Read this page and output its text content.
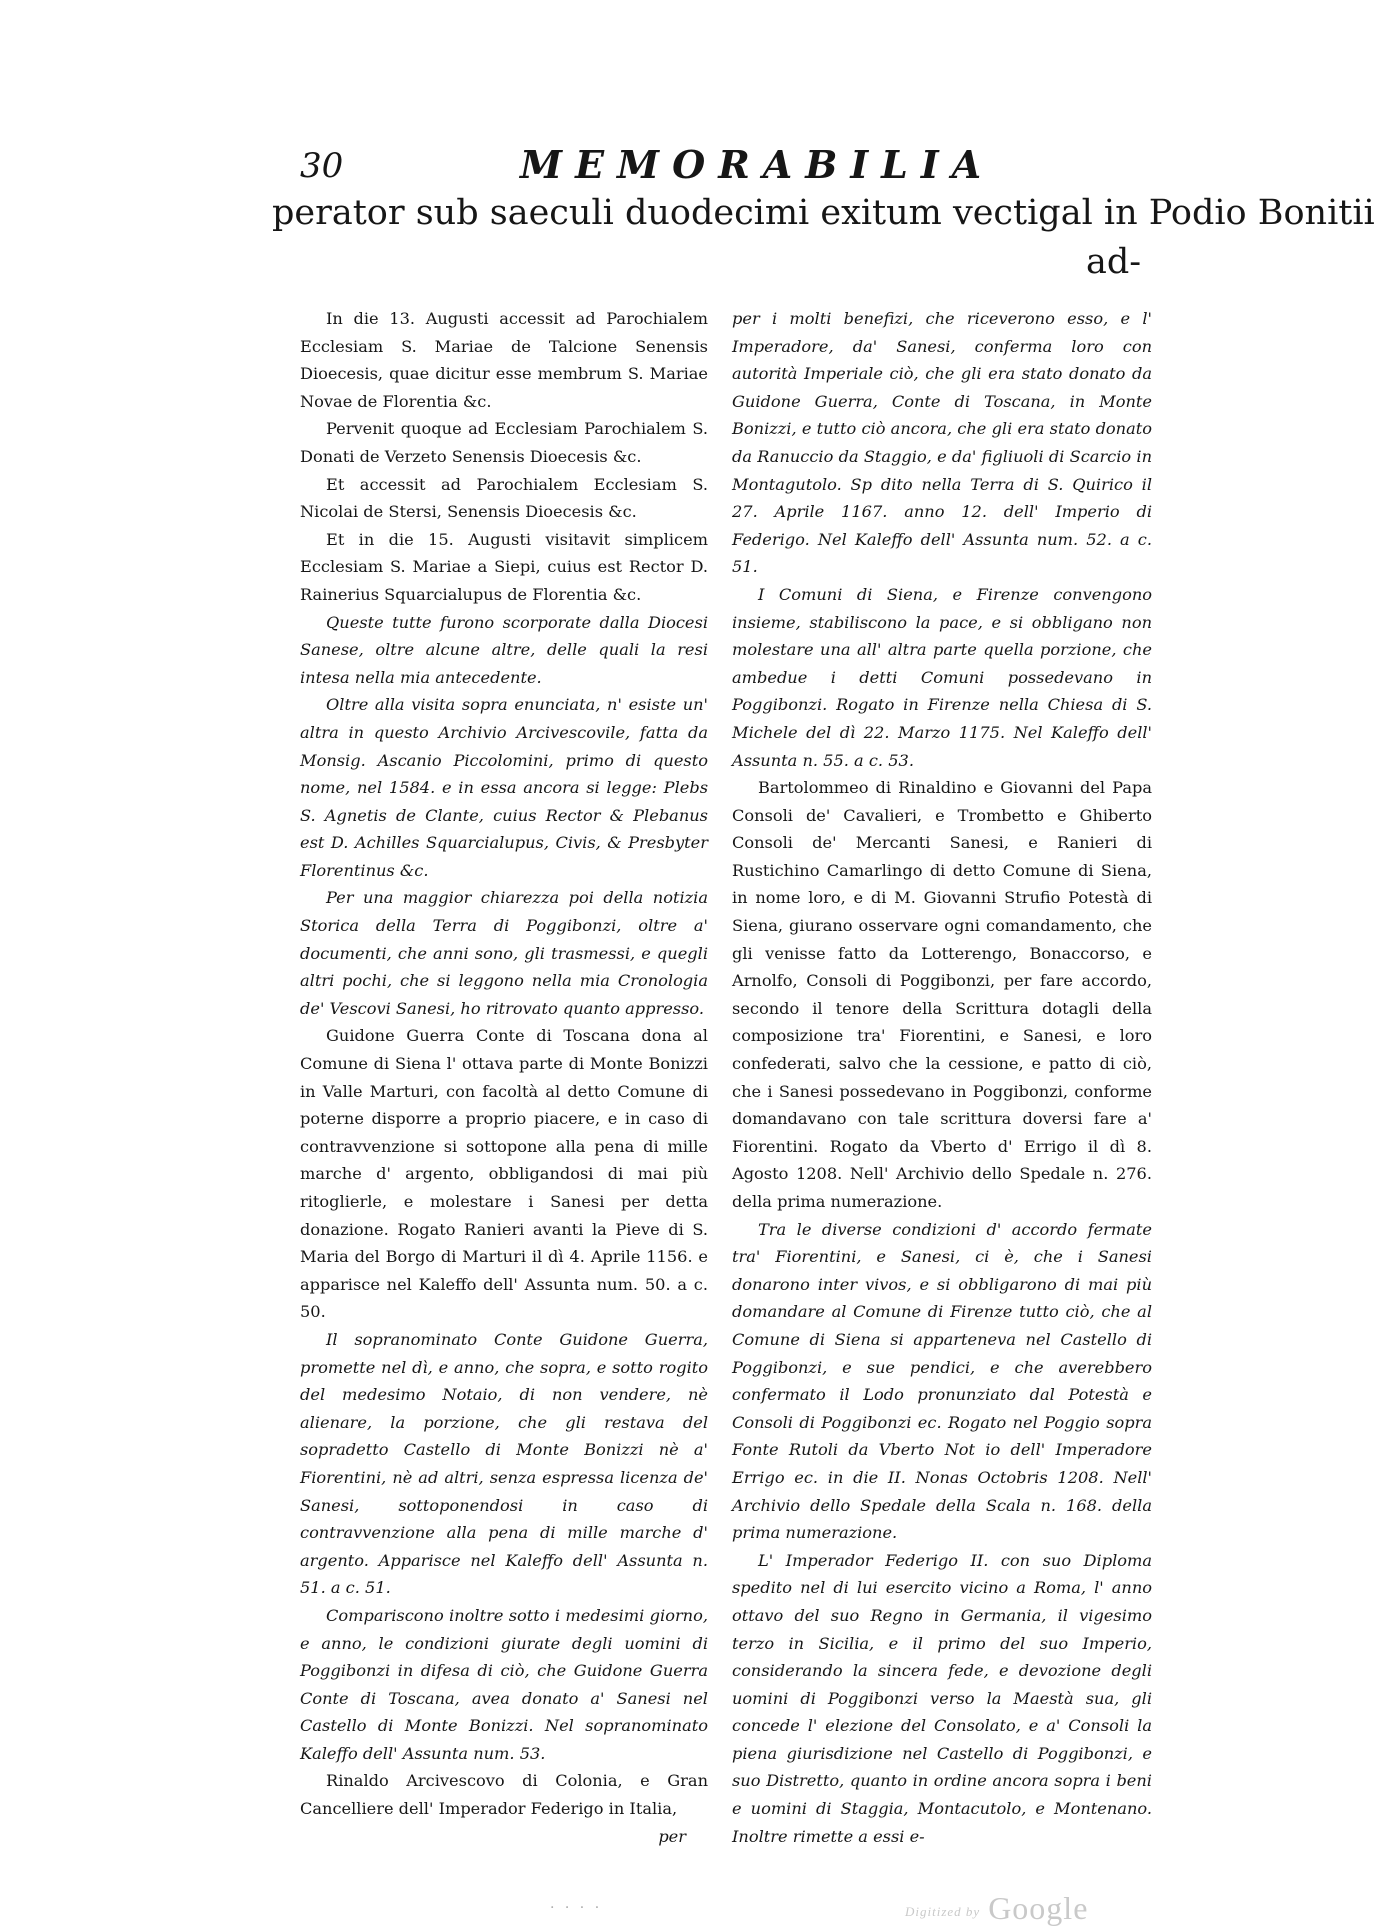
30	MEMORABILIA
perator sub saeculi duodecimi exitum vectigal in Podio Bonitii
ad-

In die 13. Augusti accessit ad Parochialem Ecclesiam S. Mariae de Talcione Senensis Dioecesis, quae dicitur esse membrum S. Mariae Novae de Florentia &c.

Pervenit quoque ad Ecclesiam Parochialem S. Donati de Verzeto Senensis Dioecesis &c.

Et accessit ad Parochialem Ecclesiam S. Nicolai de Stersi, Senensis Dioecesis &c.

Et in die 15. Augusti visitavit simplicem Ecclesiam S. Mariae a Siepi, cuius est Rector D. Rainerius Squarcialupus de Florentia &c.

Queste tutte furono scorporate dalla Diocesi Sanese, oltre alcune altre, delle quali la resi intesa nella mia antecedente.

Oltre alla visita sopra enunciata, n' esiste un' altra in questo Archivio Arcivescovile, fatta da Monsig. Ascanio Piccolomini, primo di questo nome, nel 1584. e in essa ancora si legge: Plebs S. Agnetis de Clante, cuius Rector & Plebanus est D. Achilles Squarcialupus, Civis, & Presbyter Florentinus &c.

Per una maggior chiarezza poi della notizia Storica della Terra di Poggibonzi, oltre a' documenti, che anni sono, gli trasmessi, e quegli altri pochi, che si leggono nella mia Cronologia de' Vescovi Sanesi, ho ritrovato quanto appresso.

Guidone Guerra Conte di Toscana dona al Comune di Siena l' ottava parte di Monte Bonizzi in Valle Marturi, con facoltà al detto Comune di poterne disporre a proprio piacere, e in caso di contravvenzione si sottopone alla pena di mille marche d' argento, obbligandosi di mai più ritoglierle, e molestare i Sanesi per detta donazione. Rogato Ranieri avanti la Pieve di S. Maria del Borgo di Marturi il dì 4. Aprile 1156. e apparisce nel Kaleffo dell' Assunta num. 50. a c. 50.

Il sopranominato Conte Guidone Guerra, promette nel dì, e anno, che sopra, e sotto rogito del medesimo Notaio, di non vendere, nè alienare, la porzione, che gli restava del sopradetto Castello di Monte Bonizzi nè a' Fiorentini, nè ad altri, senza espressa licenza de' Sanesi, sottoponendosi in caso di contravvenzione alla pena di mille marche d' argento. Apparisce nel Kaleffo dell' Assunta n. 51. a c. 51.

Compariscono inoltre sotto i medesimi giorno, e anno, le condizioni giurate degli uomini di Poggibonzi in difesa di ciò, che Guidone Guerra Conte di Toscana, avea donato a' Sanesi nel Castello di Monte Bonizzi. Nel sopranominato Kaleffo dell' Assunta num. 53.

Rinaldo Arcivescovo di Colonia, e Gran Cancelliere dell' Imperador Federigo in Italia,

per

per i molti benefizi, che riceverono esso, e l' Imperadore, da' Sanesi, conferma loro con autorità Imperiale ciò, che gli era stato donato da Guidone Guerra, Conte di Toscana, in Monte Bonizzi, e tutto ciò ancora, che gli era stato donato da Ranuccio da Staggio, e da' figliuoli di Scarcio in Montagutolo. Sp dito nella Terra di S. Quirico il 27. Aprile 1167. anno 12. dell' Imperio di Federigo. Nel Kaleffo dell' Assunta num. 52. a c. 51.

I Comuni di Siena, e Firenze convengono insieme, stabiliscono la pace, e si obbligano non molestare una all' altra parte quella porzione, che ambedue i detti Comuni possedevano in Poggibonzi. Rogato in Firenze nella Chiesa di S. Michele del dì 22. Marzo 1175. Nel Kaleffo dell' Assunta n. 55. a c. 53.

Bartolommeo di Rinaldino e Giovanni del Papa Consoli de' Cavalieri, e Trombetto e Ghiberto Consoli de' Mercanti Sanesi, e Ranieri di Rustichino Camarlingo di detto Comune di Siena, in nome loro, e di M. Giovanni Strufio Potestà di Siena, giurano osservare ogni comandamento, che gli venisse fatto da Lotterengo, Bonaccorso, e Arnolfo, Consoli di Poggibonzi, per fare accordo, secondo il tenore della Scrittura dotagli della composizione tra' Fiorentini, e Sanesi, e loro confederati, salvo che la cessione, e patto di ciò, che i Sanesi possedevano in Poggibonzi, conforme domandavano con tale scrittura doversi fare a' Fiorentini. Rogato da Vberto d' Errigo il dì 8. Agosto 1208. Nell' Archivio dello Spedale n. 276. della prima numerazione.

Tra le diverse condizioni d' accordo fermate tra' Fiorentini, e Sanesi, ci è, che i Sanesi donarono inter vivos, e si obbligarono di mai più domandare al Comune di Firenze tutto ciò, che al Comune di Siena si apparteneva nel Castello di Poggibonzi, e sue pendici, e che averebbero confermato il Lodo pronunziato dal Potestà e Consoli di Poggibonzi ec. Rogato nel Poggio sopra Fonte Rutoli da Vberto Not io dell' Imperadore Errigo ec. in die II. Nonas Octobris 1208. Nell' Archivio dello Spedale della Scala n. 168. della prima numerazione.

L' Imperador Federigo II. con suo Diploma spedito nel di lui esercito vicino a Roma, l' anno ottavo del suo Regno in Germania, il vigesimo terzo in Sicilia, e il primo del suo Imperio, considerando la sincera fede, e devozione degli uomini di Poggibonzi verso la Maestà sua, gli concede l' elezione del Consolato, e a' Consoli la piena giurisdizione nel Castello di Poggibonzi, e suo Distretto, quanto in ordine ancora sopra i beni e uomini di Staggia, Montacutolo, e Montenano. Inoltre rimette a essi e-

· · · ·	Digitized by Google
